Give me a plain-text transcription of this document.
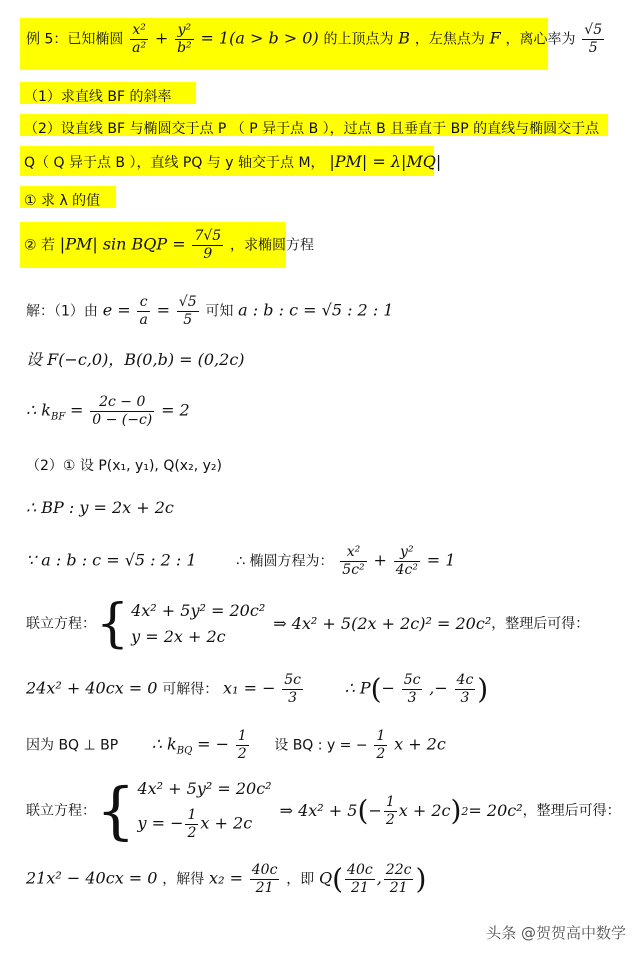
例 5：已知椭圆 $\frac{\text{x²}}{\text{a²}} + \frac{\text{y²}}{\text{b²}} = 1(a > b > 0)$ 的上顶点为 B ，左焦点为 F ，离心率为 $\frac{√5}{5}$
（1）求直线 BF 的斜率
（2）设直线 BF 与椭圆交于点 P （ P 异于点 B ），过点 B 且垂直于 BP 的直线与椭圆交于点
Q（ Q 异于点 B ），直线 PQ 与 y 轴交于点 M， |PM| = λ|MQ|
① 求 λ 的值
② 若 |PM| sin BQP = $\frac{7√5}{9}$ ，求椭圆方程
解：（1）由 $e = \frac{c}{a} = \frac{√5}{5}$ 可知 a : b : c = √5 : 2 : 1
设 F(−c,0)，B(0,b) = (0,2c)
∴ $k_{BF} = \frac{2c - 0}{0 - (-c)} = 2$
（2）① 设 P(x₁, y₁), Q(x₂, y₂)
∴ BP : y = 2x + 2c
∵ a : b : c = √5 : 2 : 1	∴ 椭圆方程为： $\frac{\text{x²}}{\text{5c²}} + \frac{\text{y²}}{\text{4c²}} = 1$
联立方程： { 4x² + 5y² = 20c²
y = 2x + 2c
⇒ 4x² + 5(2x + 2c)² = 20c² ，整理后可得：
24x² + 40cx = 0 可解得： x₁ = − $\frac{5c}{3}$	∴ $P(- \frac{5c}{3}$ ,− $\frac{4c}{3}$ )
因为 BQ ⊥ BP ∴ $k_{BQ}$ = − $\frac{1}{2}$ 设 BQ : y = − $\frac{1}{2}$ x + 2c
联立方程： { 4x² + 5y² = 20c²
y = − $\frac{1}{2}$ x + 2c
⇒ 4x² + 5 ( − $\frac{1}{2}$ x + 2c ) 2 = 20c² ，整理后可得：
21x² − 40cx = 0 ，解得 $x_2 = \frac{40c}{21}$ ，即 $Q( \frac{40c}{21}$ , $\frac{22c}{21}$ )
头条 @贺贺高中数学
